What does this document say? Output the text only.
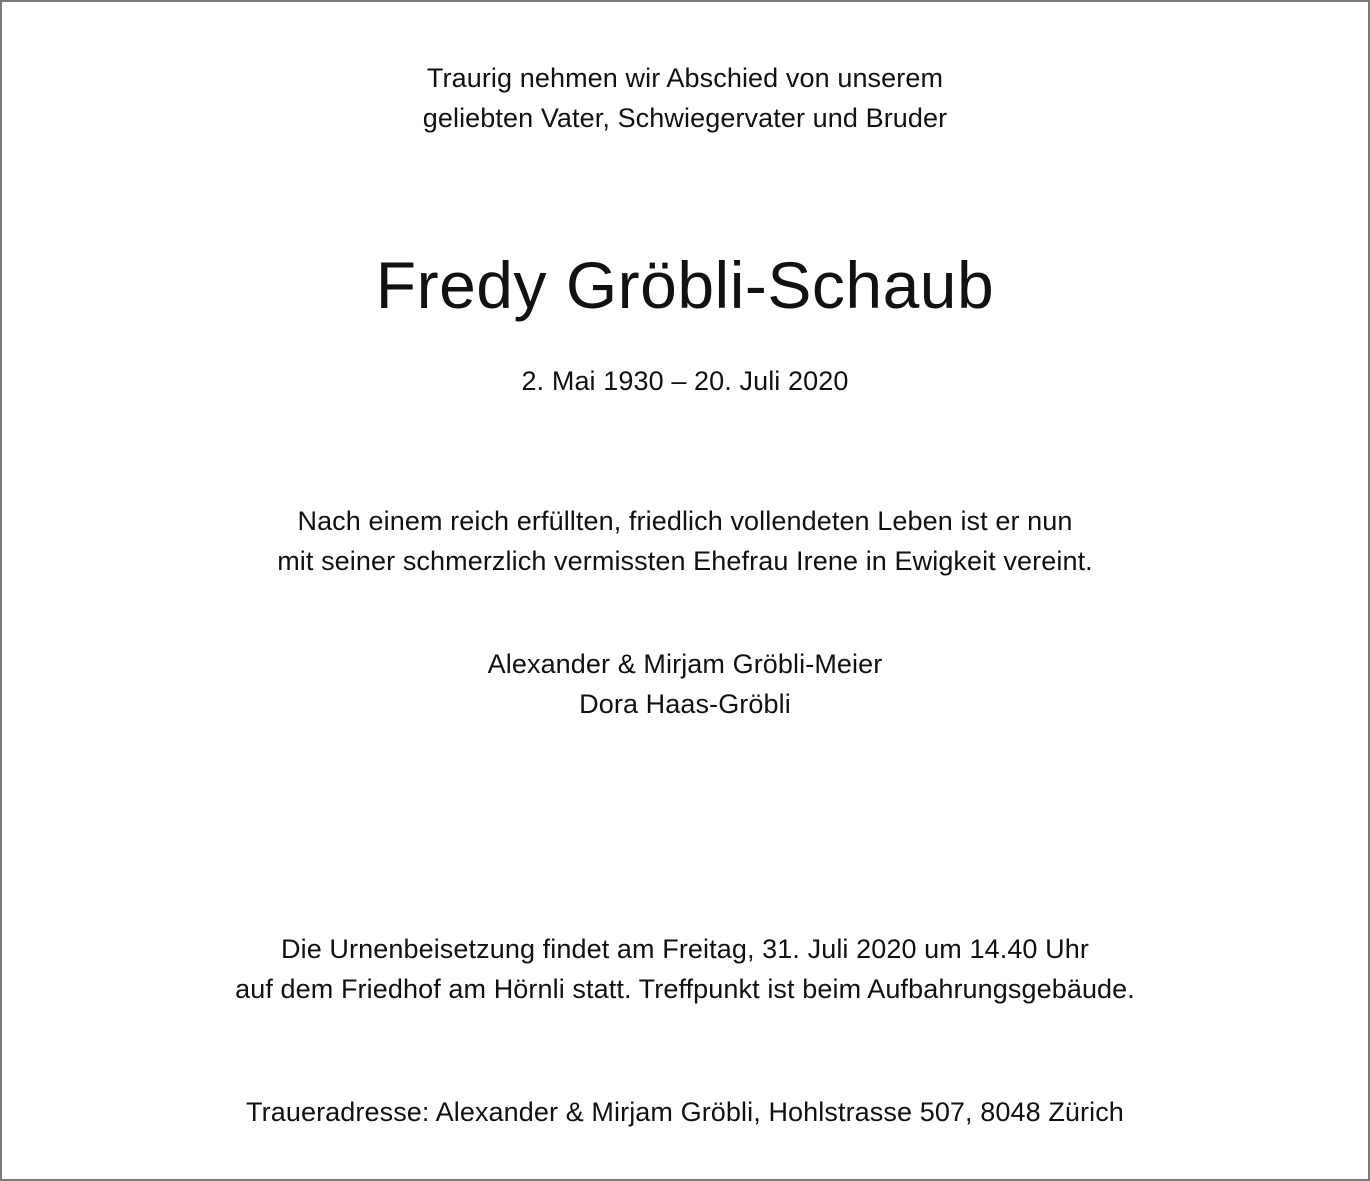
Traurig nehmen wir Abschied von unserem
geliebten Vater, Schwiegervater und Bruder
Fredy Gröbli-Schaub
2. Mai 1930 – 20. Juli 2020
Nach einem reich erfüllten, friedlich vollendeten Leben ist er nun
mit seiner schmerzlich vermissten Ehefrau Irene in Ewigkeit vereint.
Alexander & Mirjam Gröbli-Meier
Dora Haas-Gröbli
Die Urnenbeisetzung findet am Freitag, 31. Juli 2020 um 14.40 Uhr
auf dem Friedhof am Hörnli statt. Treffpunkt ist beim Aufbahrungsgebäude.
Traueradresse: Alexander & Mirjam Gröbli, Hohlstrasse 507, 8048 Zürich
